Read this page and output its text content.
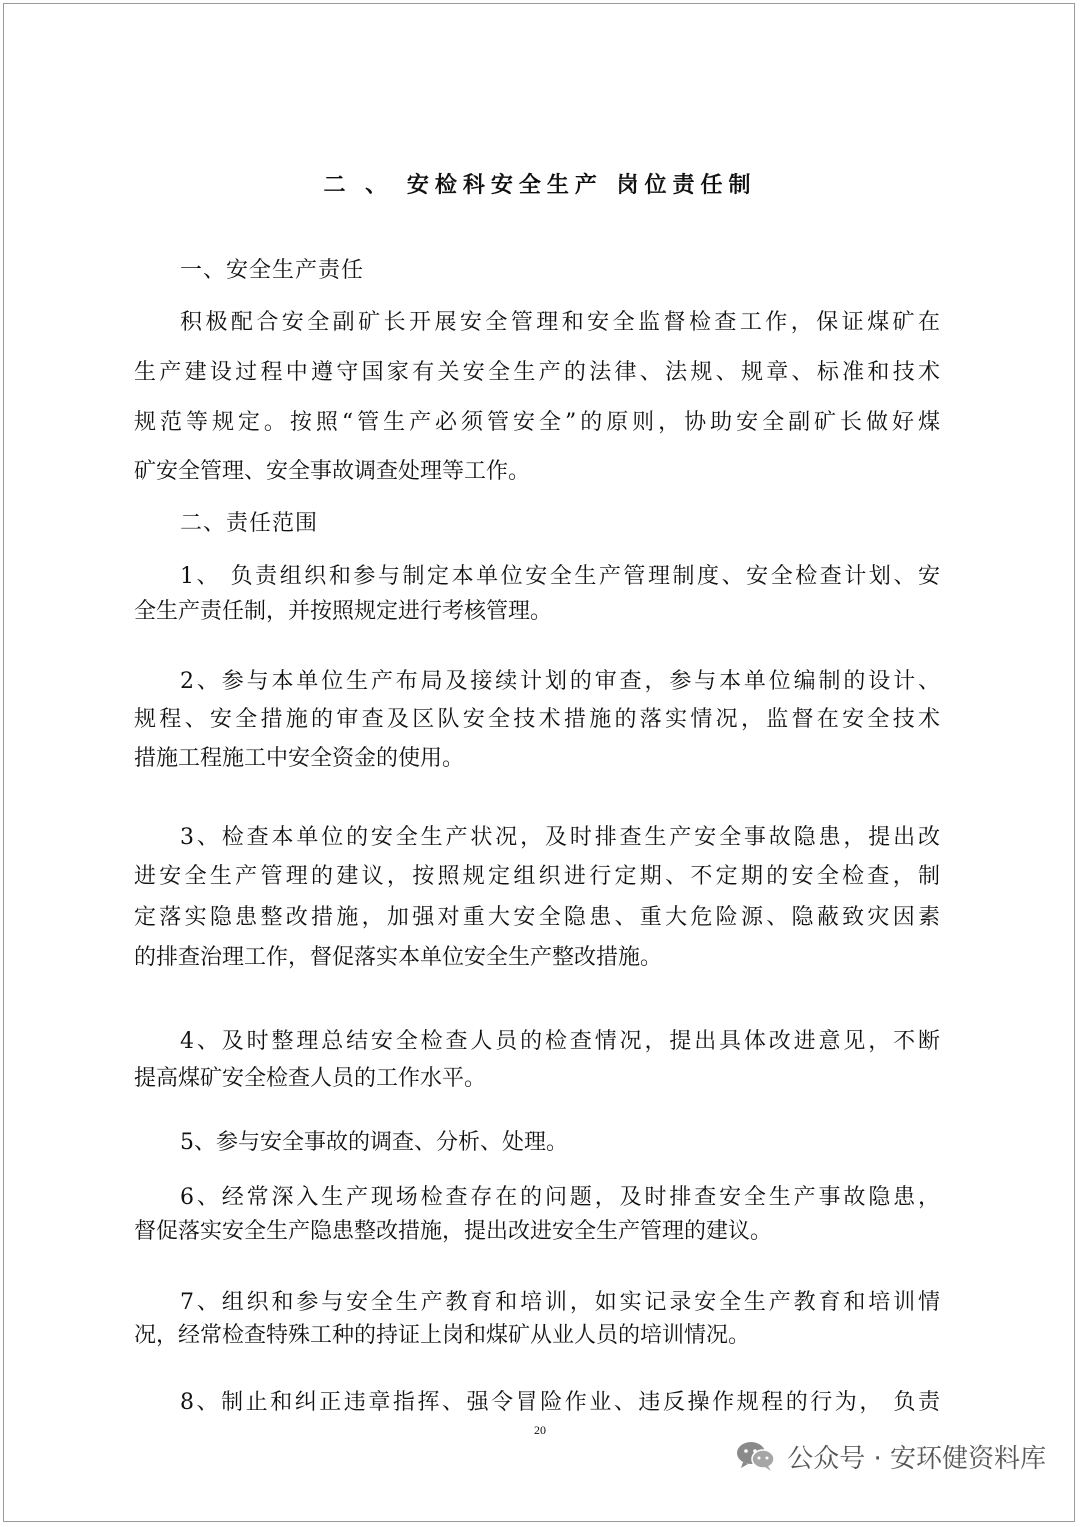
二 、 安检科安全生产 岗位责任制

一、安全生产责任

积极配合安全副矿长开展安全管理和安全监督检查工作，保证煤矿在

生产建设过程中遵守国家有关安全生产的法律、法规、规章、标准和技术

规范等规定。按照“管生产必须管安全”的原则，协助安全副矿长做好煤

矿安全管理、安全事故调查处理等工作。

二、责任范围

1、 负责组织和参与制定本单位安全生产管理制度、安全检查计划、安

全生产责任制，并按照规定进行考核管理。

2、参与本单位生产布局及接续计划的审查，参与本单位编制的设计、

规程、安全措施的审查及区队安全技术措施的落实情况，监督在安全技术

措施工程施工中安全资金的使用。

3、检查本单位的安全生产状况，及时排查生产安全事故隐患，提出改

进安全生产管理的建议，按照规定组织进行定期、不定期的安全检查，制

定落实隐患整改措施，加强对重大安全隐患、重大危险源、隐蔽致灾因素

的排查治理工作，督促落实本单位安全生产整改措施。

4、及时整理总结安全检查人员的检查情况，提出具体改进意见，不断

提高煤矿安全检查人员的工作水平。

5、参与安全事故的调查、分析、处理。

6、经常深入生产现场检查存在的问题，及时排查安全生产事故隐患，

督促落实安全生产隐患整改措施，提出改进安全生产管理的建议。

7、组织和参与安全生产教育和培训，如实记录安全生产教育和培训情

况，经常检查特殊工种的持证上岗和煤矿从业人员的培训情况。

8、制止和纠正违章指挥、强令冒险作业、违反操作规程的行为， 负责

20
公众号 · 安环健资料库
